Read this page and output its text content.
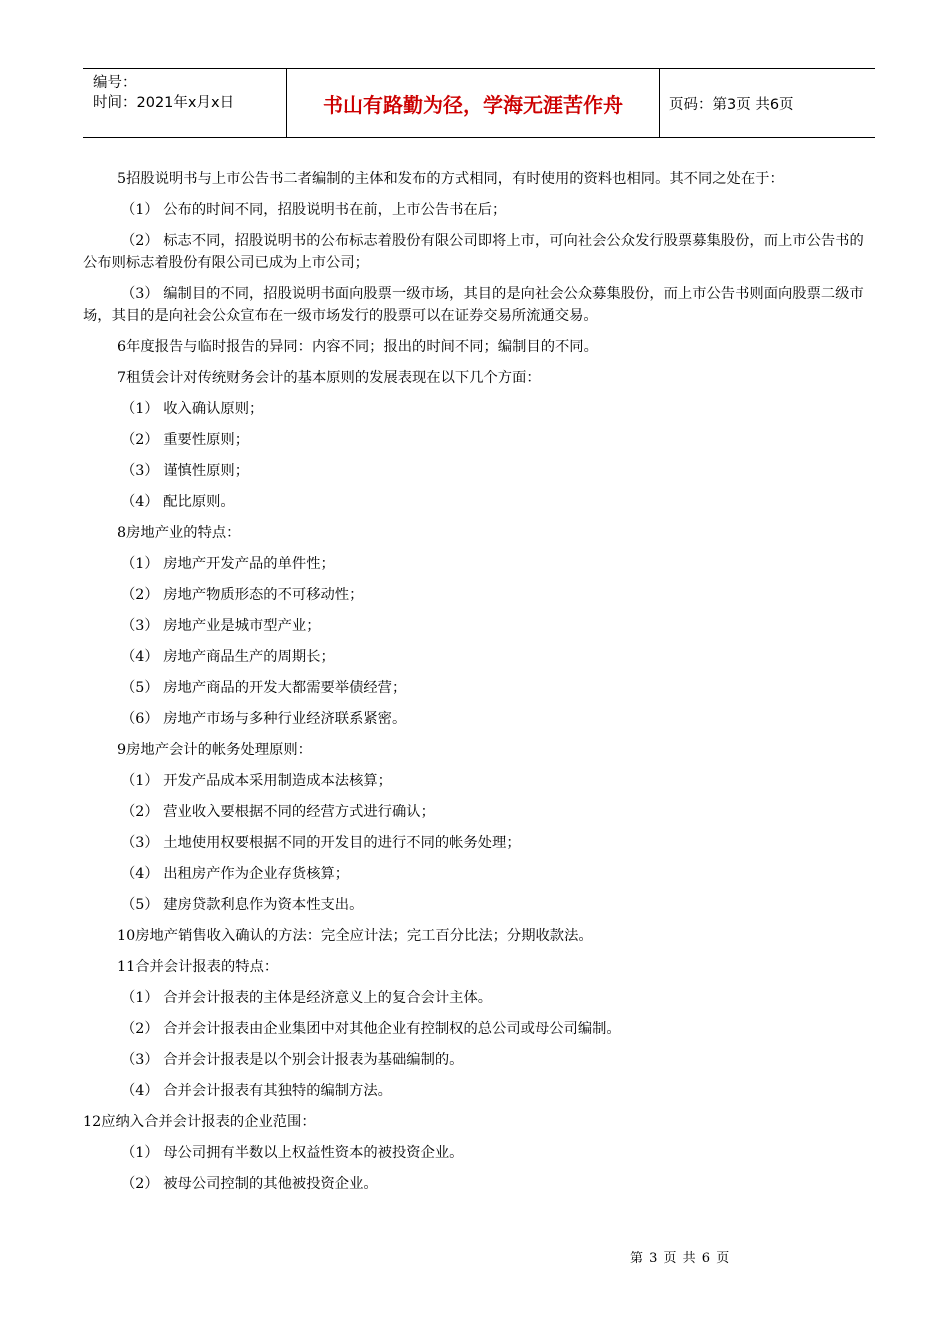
编号：
时间：2021年x月x日	书山有路勤为径，学海无涯苦作舟	页码：第3页 共6页

5招股说明书与上市公告书二者编制的主体和发布的方式相同，有时使用的资料也相同。其不同之处在于：

（1） 公布的时间不同，招股说明书在前，上市公告书在后；

（2） 标志不同，招股说明书的公布标志着股份有限公司即将上市，可向社会公众发行股票募集股份，而上市公告书的公布则标志着股份有限公司已成为上市公司；

（3） 编制目的不同，招股说明书面向股票一级市场，其目的是向社会公众募集股份，而上市公告书则面向股票二级市场，其目的是向社会公众宣布在一级市场发行的股票可以在证券交易所流通交易。

6年度报告与临时报告的异同：内容不同；报出的时间不同；编制目的不同。

7租赁会计对传统财务会计的基本原则的发展表现在以下几个方面：

（1） 收入确认原则；

（2） 重要性原则；

（3） 谨慎性原则；

（4） 配比原则。

8房地产业的特点：

（1） 房地产开发产品的单件性；

（2） 房地产物质形态的不可移动性；

（3） 房地产业是城市型产业；

（4） 房地产商品生产的周期长；

（5） 房地产商品的开发大都需要举债经营；

（6） 房地产市场与多种行业经济联系紧密。

9房地产会计的帐务处理原则：

（1） 开发产品成本采用制造成本法核算；

（2） 营业收入要根据不同的经营方式进行确认；

（3） 土地使用权要根据不同的开发目的进行不同的帐务处理；

（4） 出租房产作为企业存货核算；

（5） 建房贷款利息作为资本性支出。

10房地产销售收入确认的方法：完全应计法；完工百分比法；分期收款法。

11合并会计报表的特点：

（1） 合并会计报表的主体是经济意义上的复合会计主体。

（2） 合并会计报表由企业集团中对其他企业有控制权的总公司或母公司编制。

（3） 合并会计报表是以个别会计报表为基础编制的。

（4） 合并会计报表有其独特的编制方法。

12应纳入合并会计报表的企业范围：

（1） 母公司拥有半数以上权益性资本的被投资企业。

（2） 被母公司控制的其他被投资企业。

第 3 页 共 6 页
